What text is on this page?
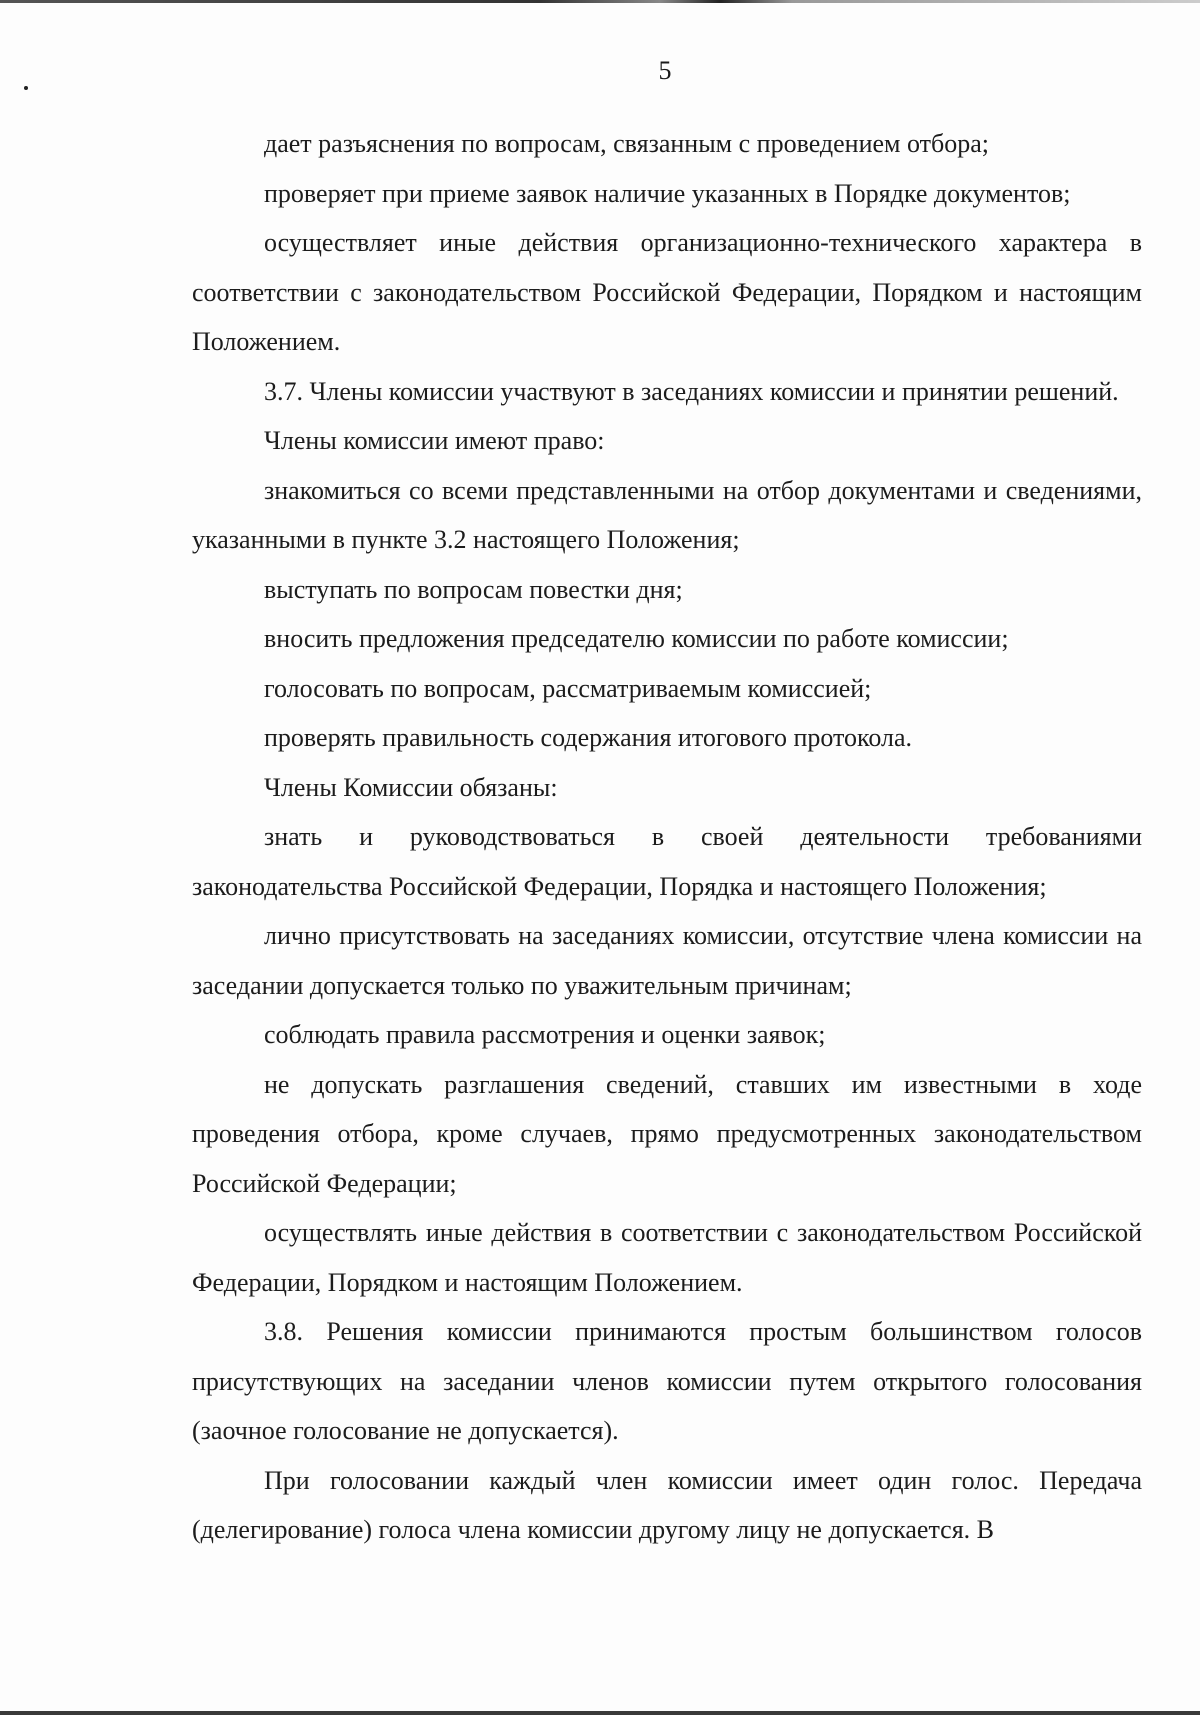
5

дает разъяснения по вопросам, связанным с проведением отбора;

проверяет при приеме заявок наличие указанных в Порядке документов;

осуществляет иные действия организационно-технического характера в соответствии с законодательством Российской Федерации, Порядком и настоящим Положением.

3.7. Члены комиссии участвуют в заседаниях комиссии и принятии решений.

Члены комиссии имеют право:

знакомиться со всеми представленными на отбор документами и сведениями, указанными в пункте 3.2 настоящего Положения;

выступать по вопросам повестки дня;

вносить предложения председателю комиссии по работе комиссии;

голосовать по вопросам, рассматриваемым комиссией;

проверять правильность содержания итогового протокола.

Члены Комиссии обязаны:

знать и руководствоваться в своей деятельности требованиями законодательства Российской Федерации, Порядка и настоящего Положения;

лично присутствовать на заседаниях комиссии, отсутствие члена комиссии на заседании допускается только по уважительным причинам;

соблюдать правила рассмотрения и оценки заявок;

не допускать разглашения сведений, ставших им известными в ходе проведения отбора, кроме случаев, прямо предусмотренных законодательством Российской Федерации;

осуществлять иные действия в соответствии с законодательством Российской Федерации, Порядком и настоящим Положением.

3.8. Решения комиссии принимаются простым большинством голосов присутствующих на заседании членов комиссии путем открытого голосования (заочное голосование не допускается).

При голосовании каждый член комиссии имеет один голос. Передача (делегирование) голоса члена комиссии другому лицу не допускается. В
